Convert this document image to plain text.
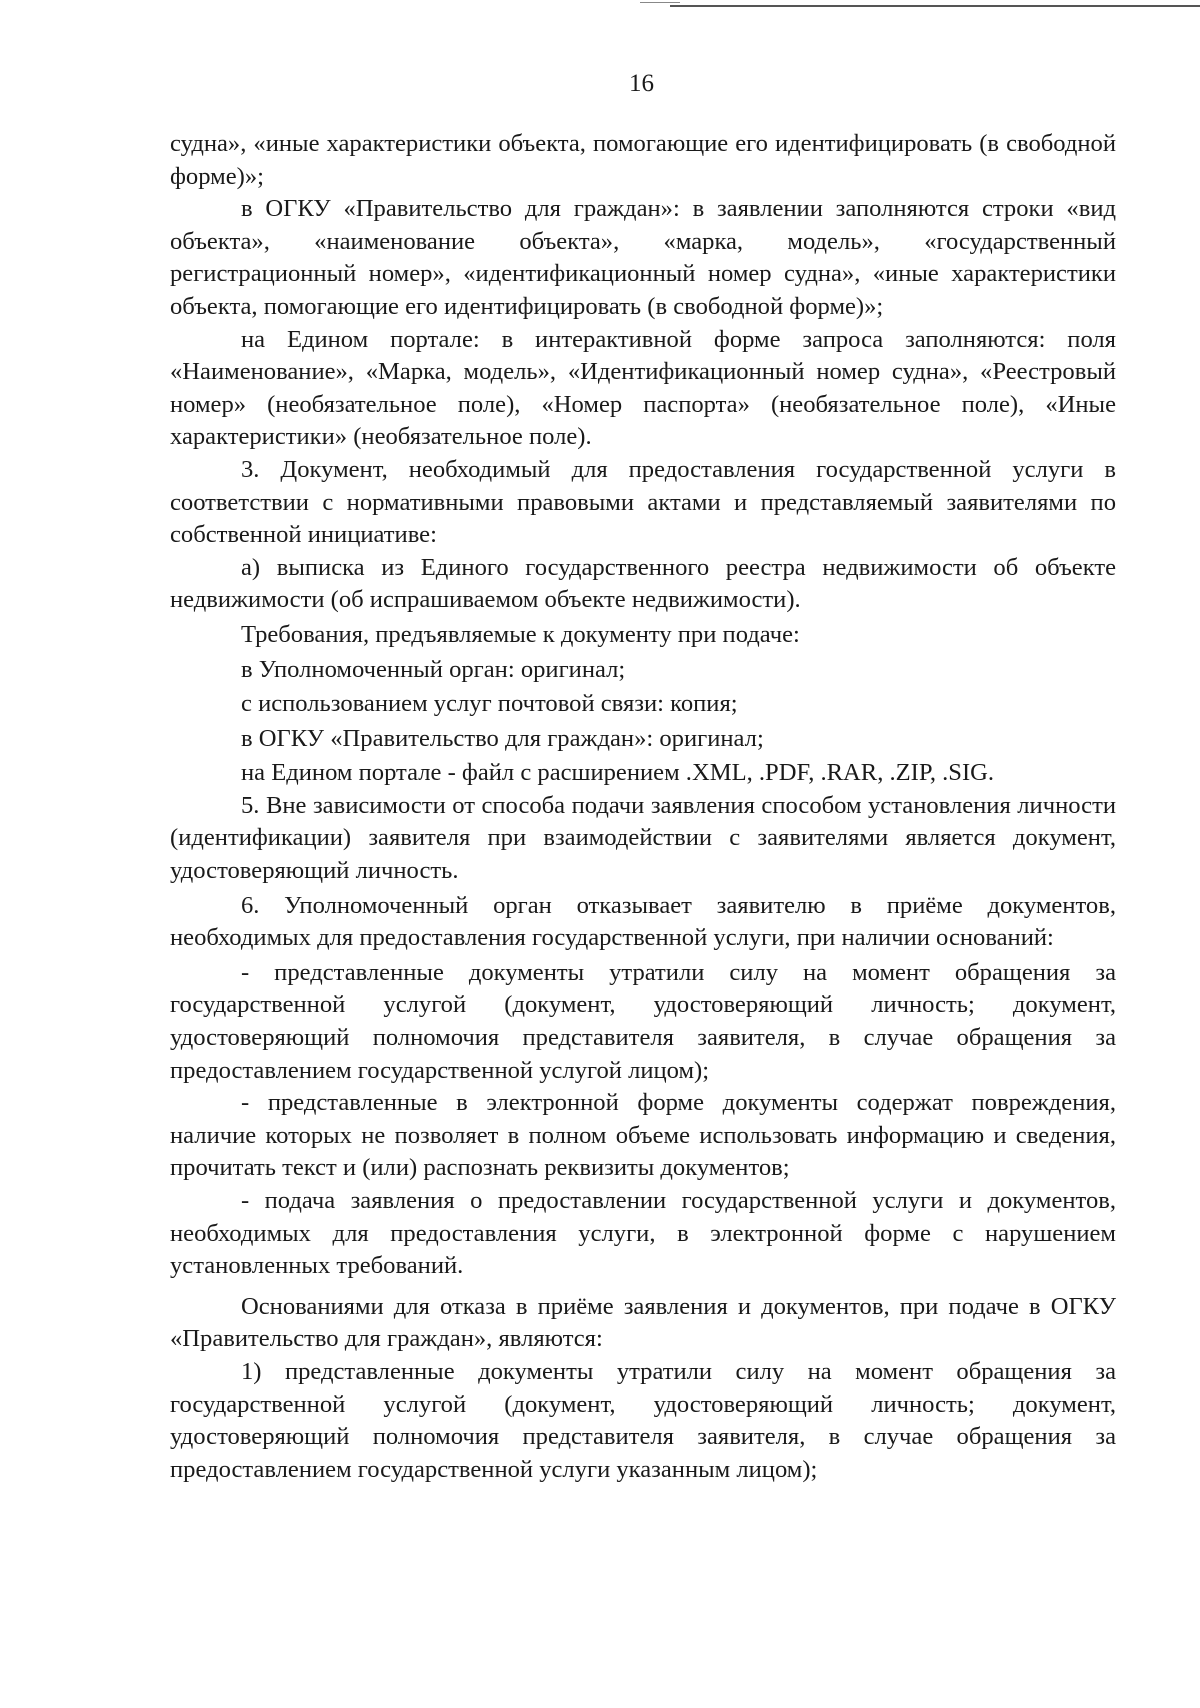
16

судна», «иные характеристики объекта, помогающие его идентифицировать (в свободной форме)»;

в ОГКУ «Правительство для граждан»: в заявлении заполняются строки «вид объекта», «наименование объекта», «марка, модель», «государственный регистрационный номер», «идентификационный номер судна», «иные характеристики объекта, помогающие его идентифицировать (в свободной форме)»;

на Едином портале: в интерактивной форме запроса заполняются: поля «Наименование», «Марка, модель», «Идентификационный номер судна», «Реестровый номер» (необязательное поле), «Номер паспорта» (необязательное поле), «Иные характеристики» (необязательное поле).

3. Документ, необходимый для предоставления государственной услуги в соответствии с нормативными правовыми актами и представляемый заявителями по собственной инициативе:

а) выписка из Единого государственного реестра недвижимости об объекте недвижимости (об испрашиваемом объекте недвижимости).

Требования, предъявляемые к документу при подаче:

в Уполномоченный орган: оригинал;

с использованием услуг почтовой связи: копия;

в ОГКУ «Правительство для граждан»: оригинал;

на Едином портале - файл с расширением .XML, .PDF, .RAR, .ZIP, .SIG.

5. Вне зависимости от способа подачи заявления способом установления личности (идентификации) заявителя при взаимодействии с заявителями является документ, удостоверяющий личность.

6. Уполномоченный орган отказывает заявителю в приёме документов, необходимых для предоставления государственной услуги, при наличии оснований:

- представленные документы утратили силу на момент обращения за государственной услугой (документ, удостоверяющий личность; документ, удостоверяющий полномочия представителя заявителя, в случае обращения за предоставлением государственной услугой лицом);

- представленные в электронной форме документы содержат повреждения, наличие которых не позволяет в полном объеме использовать информацию и сведения, прочитать текст и (или) распознать реквизиты документов;

- подача заявления о предоставлении государственной услуги и документов, необходимых для предоставления услуги, в электронной форме с нарушением установленных требований.

Основаниями для отказа в приёме заявления и документов, при подаче в ОГКУ «Правительство для граждан», являются:

1) представленные документы утратили силу на момент обращения за государственной услугой (документ, удостоверяющий личность; документ, удостоверяющий полномочия представителя заявителя, в случае обращения за предоставлением государственной услуги указанным лицом);
